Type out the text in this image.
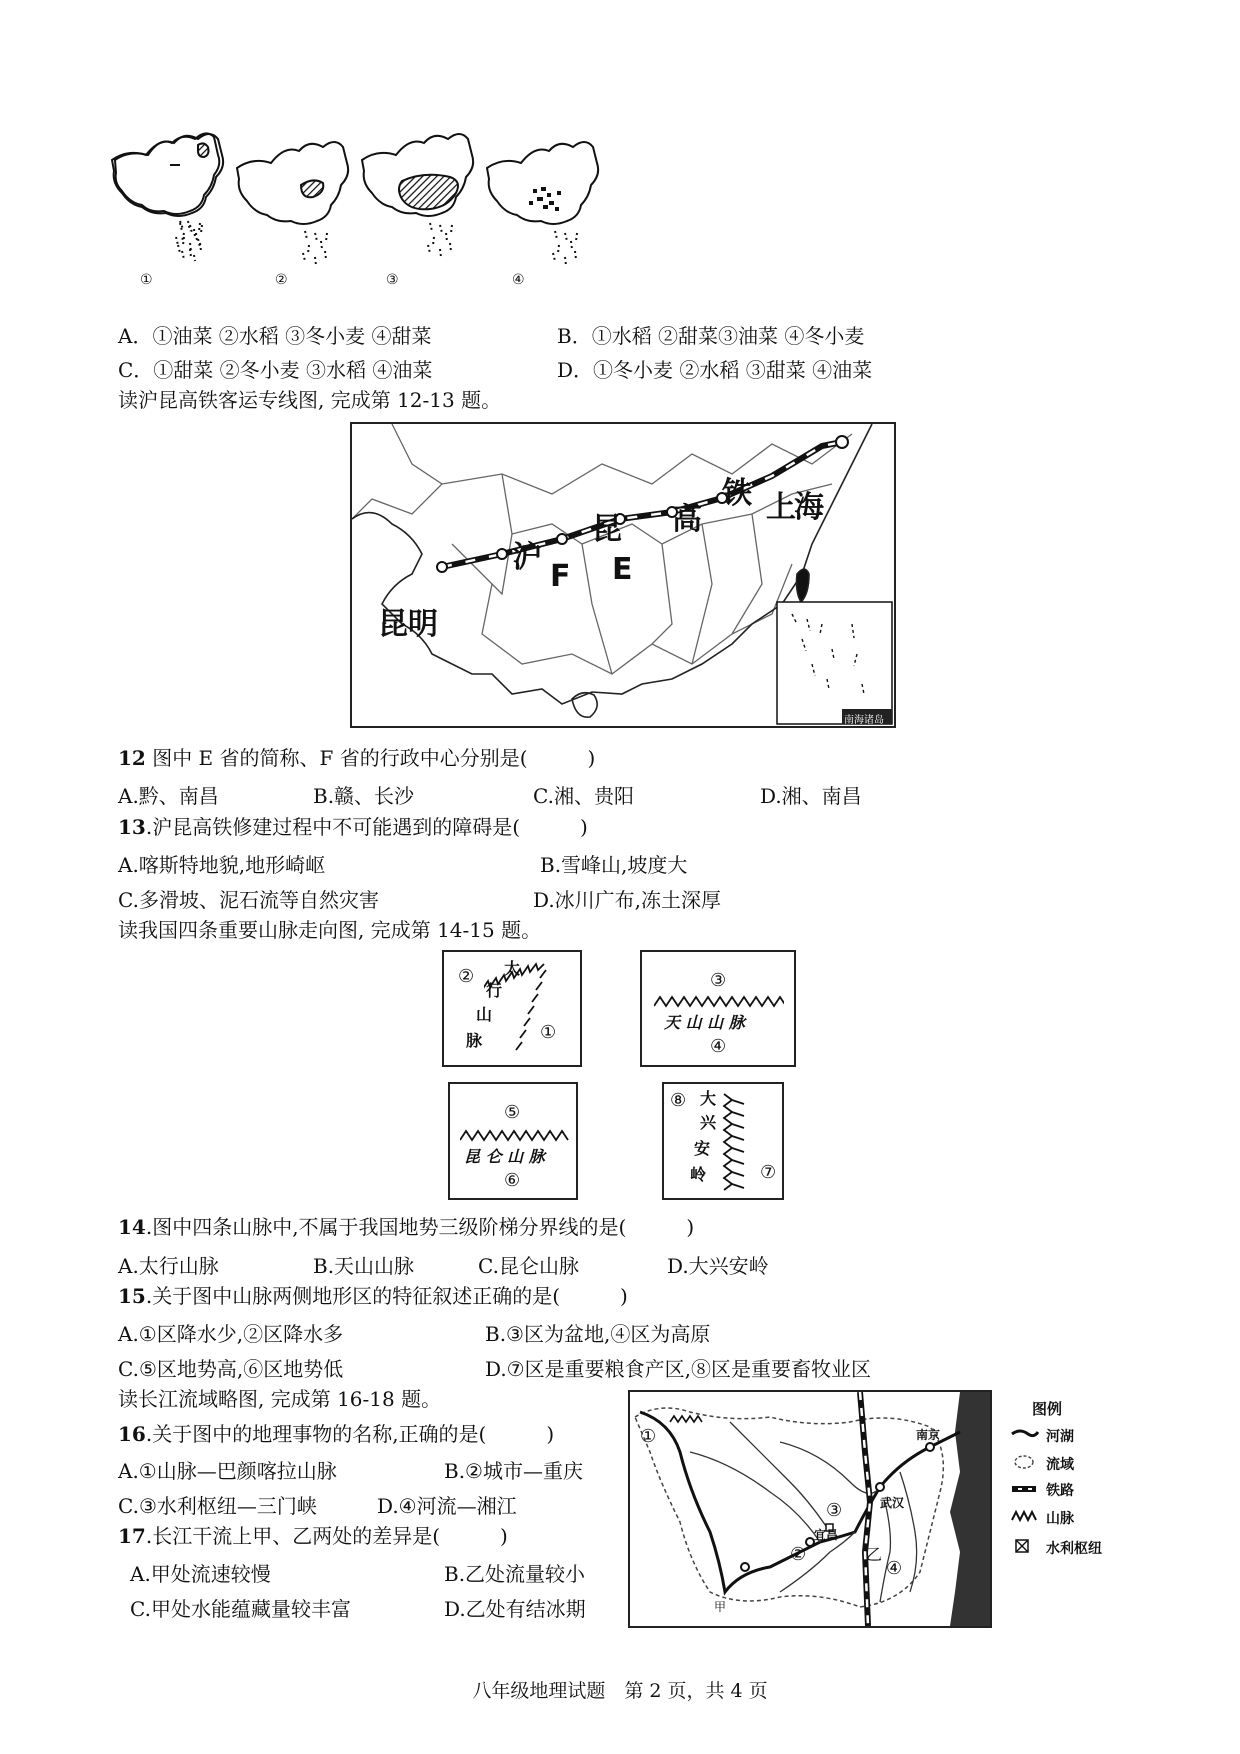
①	②	③	④
A．①油菜 ②水稻 ③冬小麦 ④甜菜	B．①水稻 ②甜菜③油菜 ④冬小麦
C．①甜菜 ②冬小麦 ③水稻 ④油菜	D．①冬小麦 ②水稻 ③甜菜 ④油菜
读沪昆高铁客运专线图, 完成第 12-13 题。
沪
昆 高
铁 上海
昆明
F E
南海诸岛
12 图中 E 省的简称、F 省的行政中心分别是(　　　)
A.黔、南昌	B.赣、长沙	C.湘、贵阳	D.湘、南昌
13.沪昆高铁修建过程中不可能遇到的障碍是(　　　)
A.喀斯特地貌,地形崎岖	B.雪峰山,坡度大
C.多滑坡、泥石流等自然灾害	D.冰川广布,冻土深厚
读我国四条重要山脉走向图, 完成第 14-15 题。
太
行
山
脉
②
①
③
天 山 山 脉
④
⑤
昆 仑 山 脉
⑥
大
兴
安
岭
⑧
⑦
14.图中四条山脉中,不属于我国地势三级阶梯分界线的是(　　　)
A.太行山脉	B.天山山脉	C.昆仑山脉	D.大兴安岭
15.关于图中山脉两侧地形区的特征叙述正确的是(　　　)
A.①区降水少,②区降水多	B.③区为盆地,④区为高原
C.⑤区地势高,⑥区地势低	D.⑦区是重要粮食产区,⑧区是重要畜牧业区
读长江流域略图, 完成第 16-18 题。
16.关于图中的地理事物的名称,正确的是(　　　)
A.①山脉—巴颜喀拉山脉	B.②城市—重庆
C.③水利枢纽—三门峡	D.④河流—湘江
17.长江干流上甲、乙两处的差异是(　　　)
A.甲处流速较慢	B.乙处流量较小
C.甲处水能蕴藏量较丰富	D.乙处有结冰期
①
②
③
④
甲
乙
宜昌
武汉
南京
图例
河湖
流域
铁路
山脉
水利枢纽
八年级地理试题　第 2 页，共 4 页
